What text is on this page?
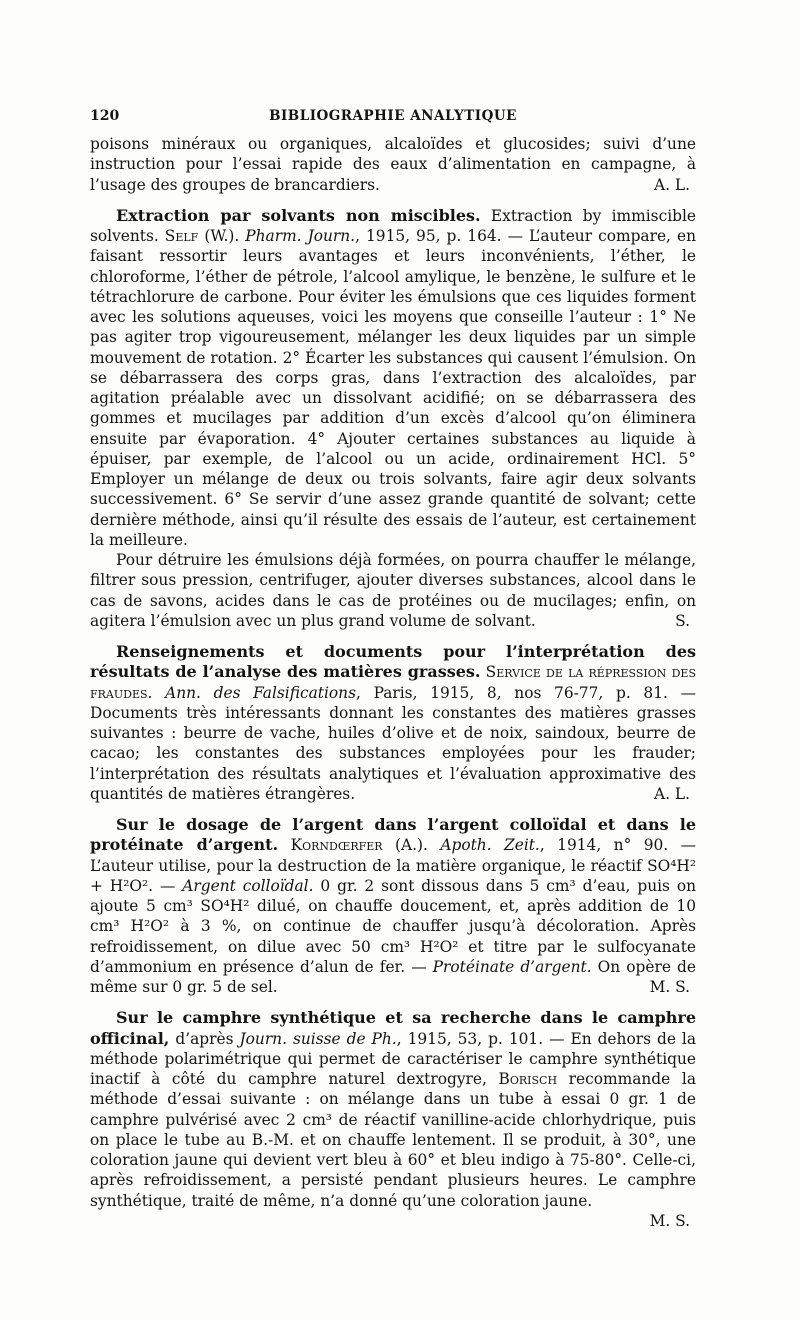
120	BIBLIOGRAPHIE ANALYTIQUE

poisons minéraux ou organiques, alcaloïdes et glucosides; suivi d’une instruction pour l’essai rapide des eaux d’alimentation en campagne, à l’usage des groupes de brancardiers.	A. L.

Extraction par solvants non miscibles. Extraction by immiscible solvents. Self (W.). Pharm. Journ., 1915, 95, p. 164. — L’auteur compare, en faisant ressortir leurs avantages et leurs inconvénients, l’éther, le chloroforme, l’éther de pétrole, l’alcool amylique, le benzène, le sulfure et le tétrachlorure de carbone. Pour éviter les émulsions que ces liquides forment avec les solutions aqueuses, voici les moyens que conseille l’auteur : 1° Ne pas agiter trop vigoureusement, mélanger les deux liquides par un simple mouvement de rotation. 2° Écarter les substances qui causent l’émulsion. On se débarrassera des corps gras, dans l’extraction des alcaloïdes, par agitation préalable avec un dissolvant acidifié; on se débarrassera des gommes et mucilages par addition d’un excès d’alcool qu’on éliminera ensuite par évaporation. 4° Ajouter certaines substances au liquide à épuiser, par exemple, de l’alcool ou un acide, ordinairement HCl. 5° Employer un mélange de deux ou trois solvants, faire agir deux solvants successivement. 6° Se servir d’une assez grande quantité de solvant; cette dernière méthode, ainsi qu’il résulte des essais de l’auteur, est certainement la meilleure.

Pour détruire les émulsions déjà formées, on pourra chauffer le mélange, filtrer sous pression, centrifuger, ajouter diverses substances, alcool dans le cas de savons, acides dans le cas de protéines ou de mucilages; enfin, on agitera l’émulsion avec un plus grand volume de solvant.	S.

Renseignements et documents pour l’interprétation des résultats de l’analyse des matières grasses. Service de la répression des fraudes. Ann. des Falsifications, Paris, 1915, 8, nos 76-77, p. 81. — Documents très intéressants donnant les constantes des matières grasses suivantes : beurre de vache, huiles d’olive et de noix, saindoux, beurre de cacao; les constantes des substances employées pour les frauder; l’interprétation des résultats analytiques et l’évaluation approximative des quantités de matières étrangères.	A. L.

Sur le dosage de l’argent dans l’argent colloïdal et dans le protéinate d’argent. Korndœrfer (A.). Apoth. Zeit., 1914, n° 90. — L’auteur utilise, pour la destruction de la matière organique, le réactif SO⁴H² + H²O². — Argent colloïdal. 0 gr. 2 sont dissous dans 5 cm³ d’eau, puis on ajoute 5 cm³ SO⁴H² dilué, on chauffe doucement, et, après addition de 10 cm³ H²O² à 3 %, on continue de chauffer jusqu’à décoloration. Après refroidissement, on dilue avec 50 cm³ H²O² et titre par le sulfocyanate d’ammonium en présence d’alun de fer. — Protéinate d’argent. On opère de même sur 0 gr. 5 de sel.	M. S.

Sur le camphre synthétique et sa recherche dans le camphre officinal, d’après Journ. suisse de Ph., 1915, 53, p. 101. — En dehors de la méthode polarimétrique qui permet de caractériser le camphre synthétique inactif à côté du camphre naturel dextrogyre, Borisch recommande la méthode d’essai suivante : on mélange dans un tube à essai 0 gr. 1 de camphre pulvérisé avec 2 cm³ de réactif vanilline-acide chlorhydrique, puis on place le tube au B.-M. et on chauffe lentement. Il se produit, à 30°, une coloration jaune qui devient vert bleu à 60° et bleu indigo à 75-80°. Celle-ci, après refroidissement, a persisté pendant plusieurs heures. Le camphre synthétique, traité de même, n’a donné qu’une coloration jaune.

M. S.
